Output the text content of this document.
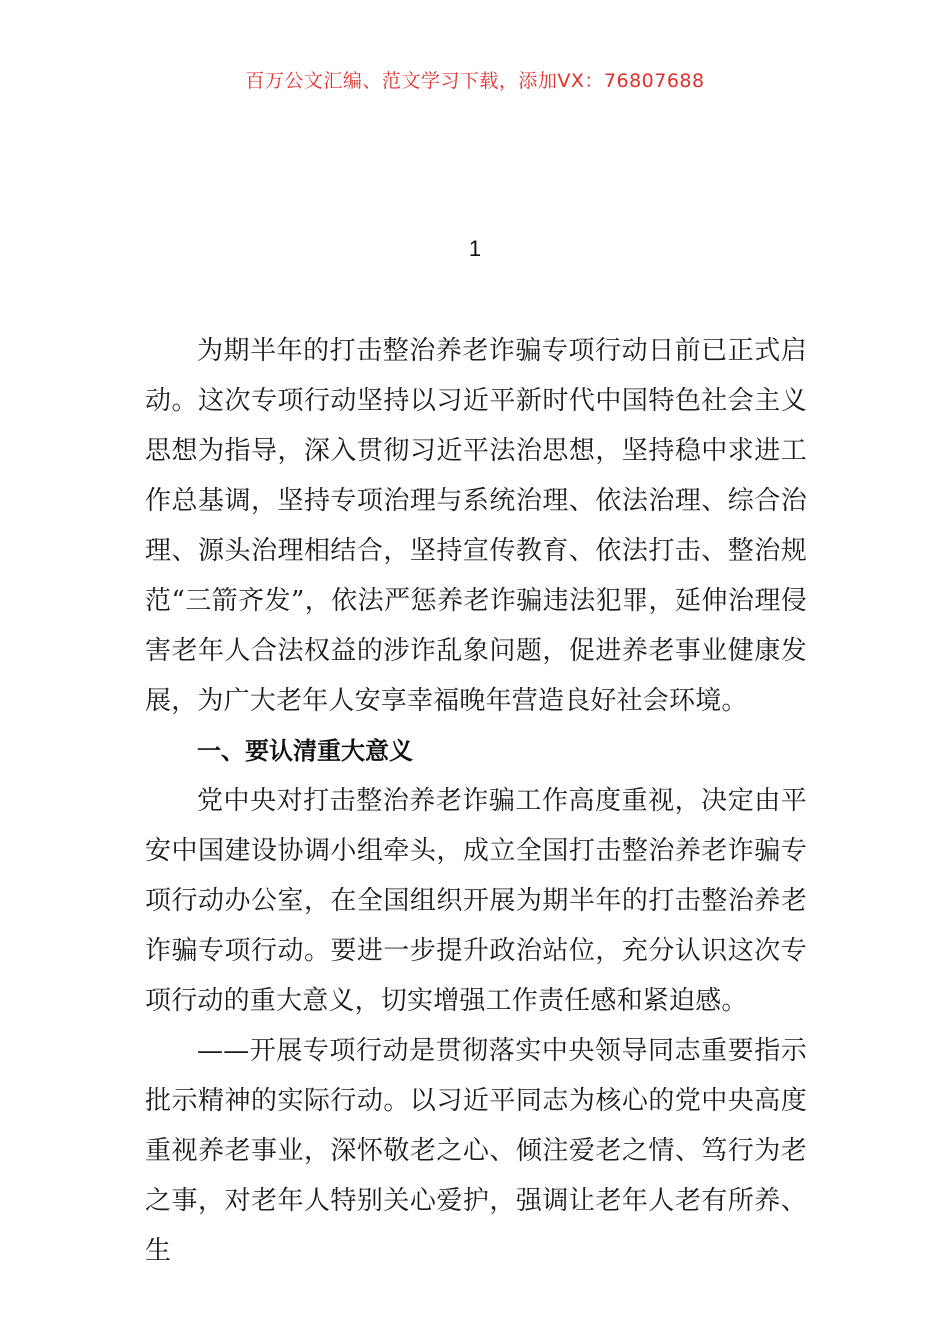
百万公文汇编、范文学习下载，添加VX：76807688
1

为期半年的打击整治养老诈骗专项行动日前已正式启动。这次专项行动坚持以习近平新时代中国特色社会主义思想为指导，深入贯彻习近平法治思想，坚持稳中求进工作总基调，坚持专项治理与系统治理、依法治理、综合治理、源头治理相结合，坚持宣传教育、依法打击、整治规范“三箭齐发”，依法严惩养老诈骗违法犯罪，延伸治理侵害老年人合法权益的涉诈乱象问题，促进养老事业健康发展，为广大老年人安享幸福晚年营造良好社会环境。

一、要认清重大意义

党中央对打击整治养老诈骗工作高度重视，决定由平安中国建设协调小组牵头，成立全国打击整治养老诈骗专项行动办公室，在全国组织开展为期半年的打击整治养老诈骗专项行动。要进一步提升政治站位，充分认识这次专项行动的重大意义，切实增强工作责任感和紧迫感。

——开展专项行动是贯彻落实中央领导同志重要指示批示精神的实际行动。以习近平同志为核心的党中央高度重视养老事业，深怀敬老之心、倾注爱老之情、笃行为老之事，对老年人特别关心爱护，强调让老年人老有所养、生
